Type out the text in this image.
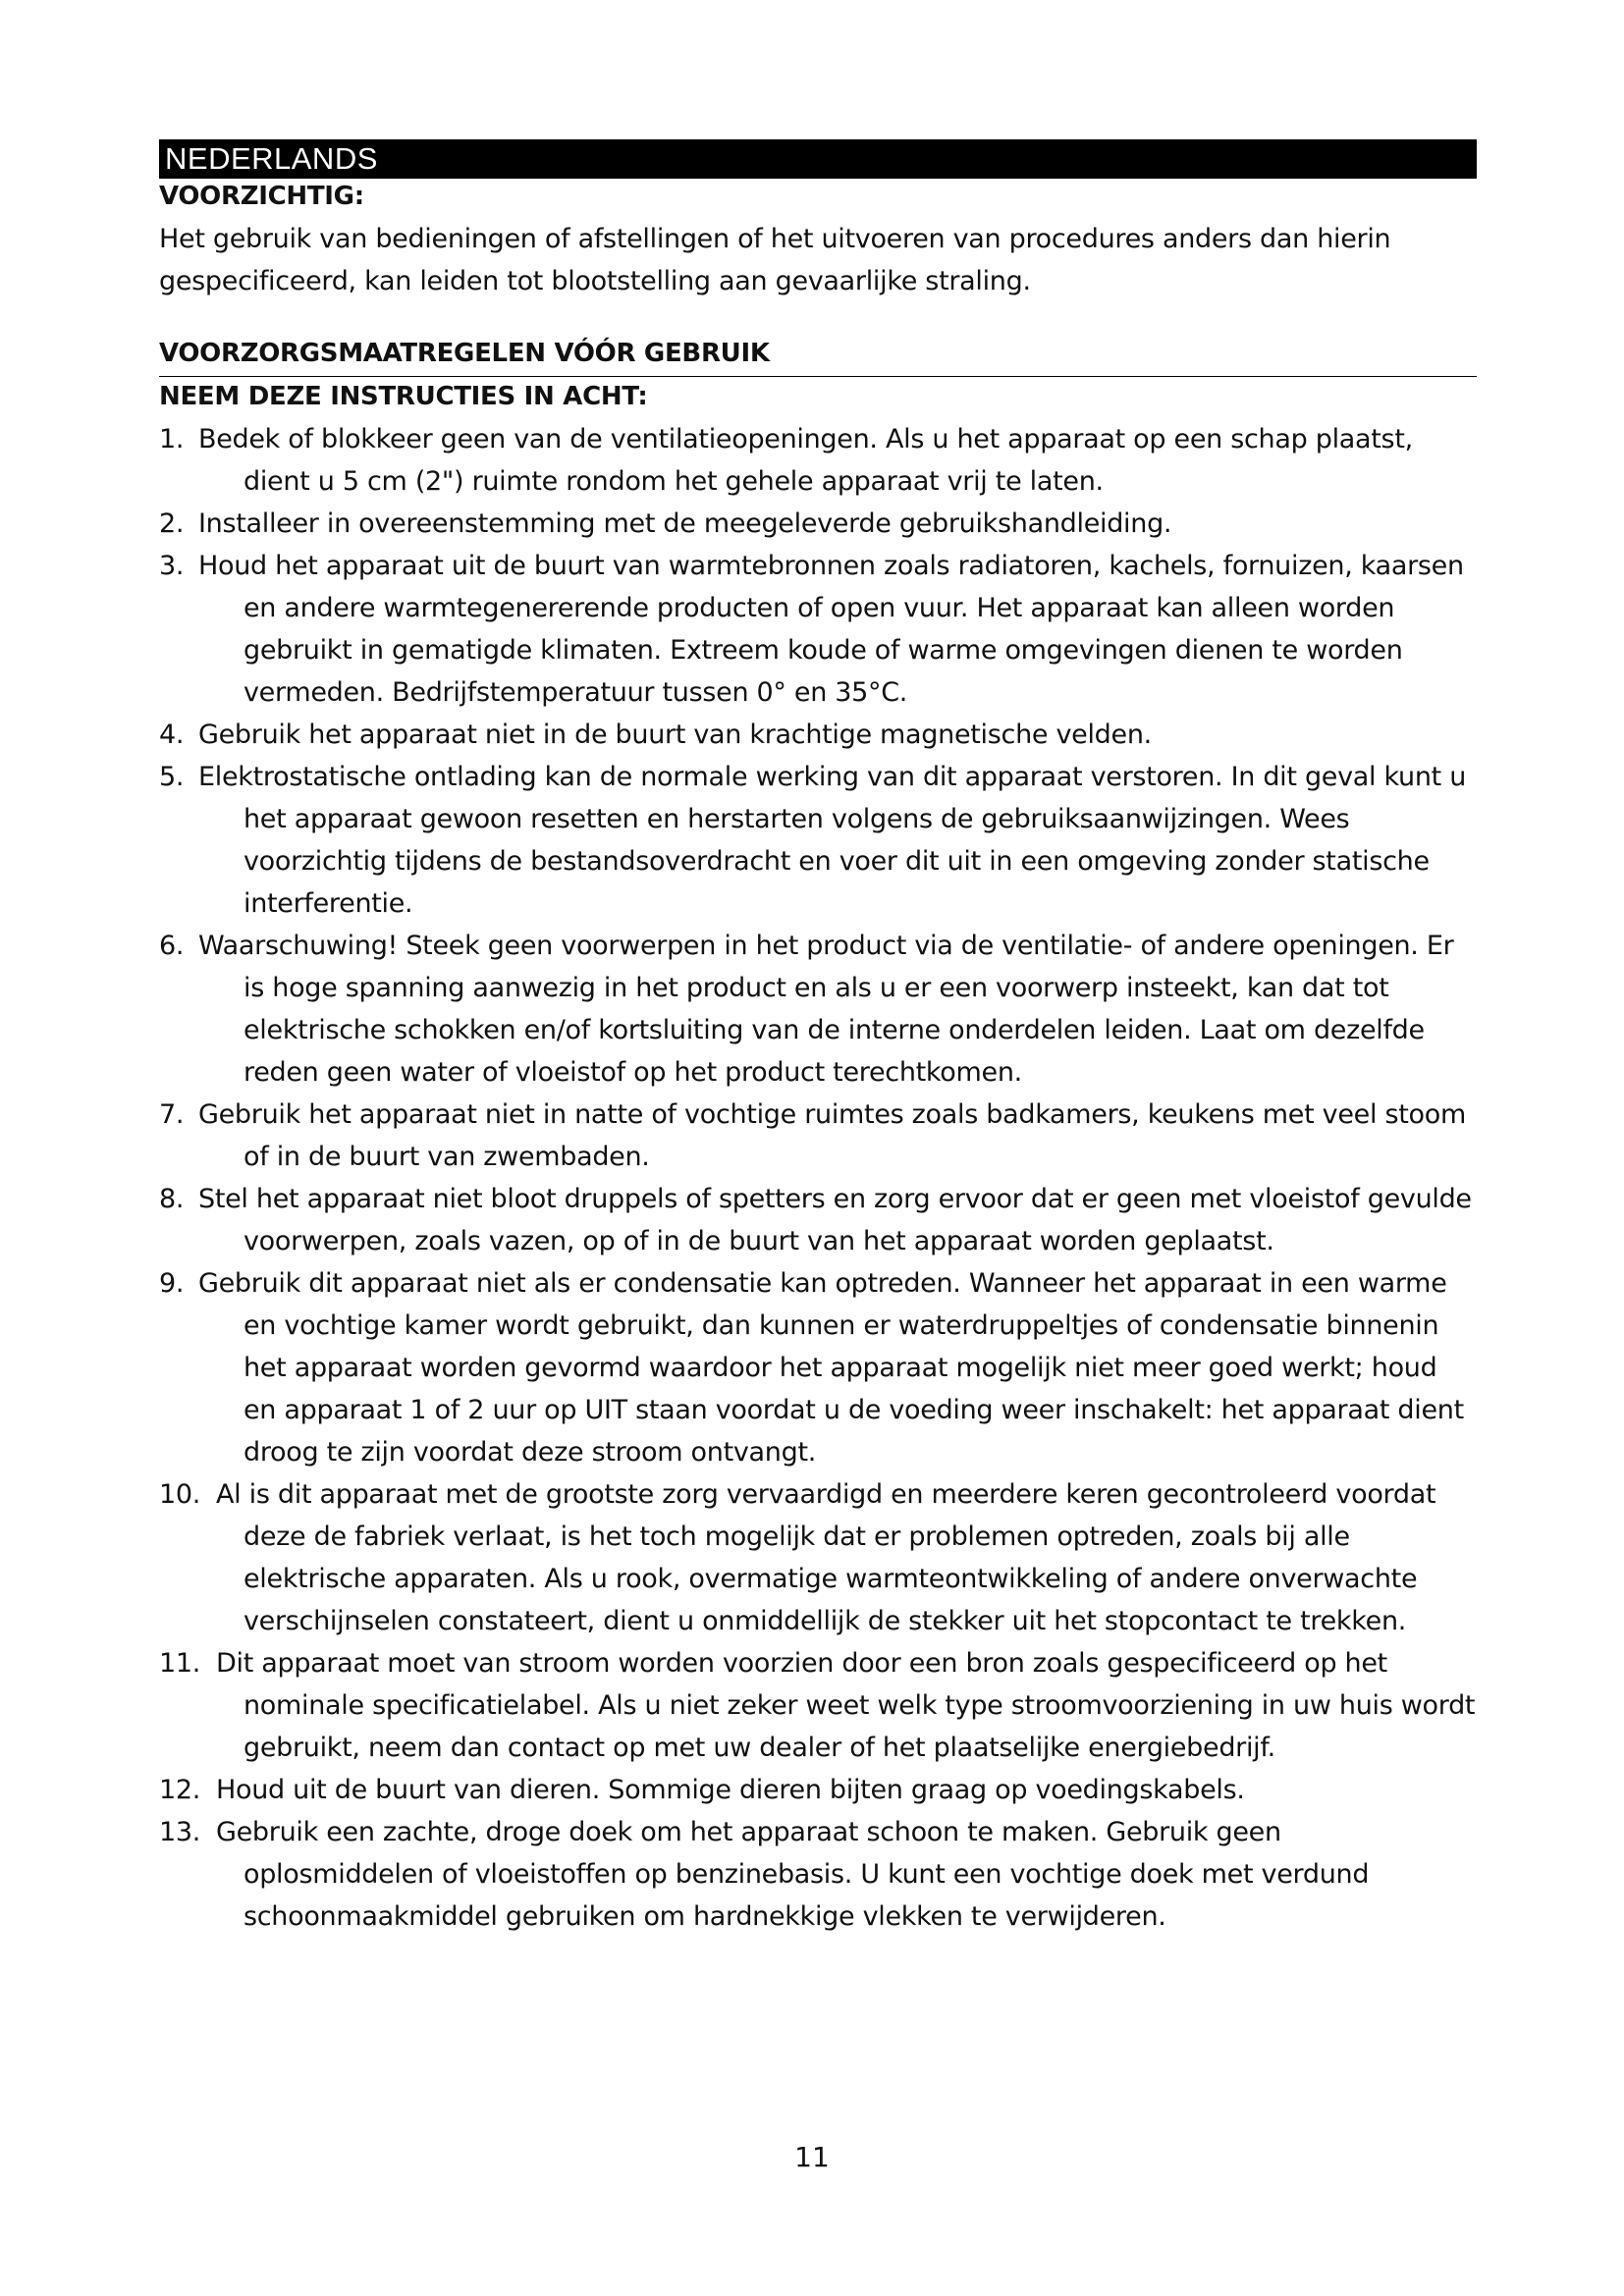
NEDERLANDS
VOORZICHTIG:
Het gebruik van bedieningen of afstellingen of het uitvoeren van procedures anders dan hierin gespecificeerd, kan leiden tot blootstelling aan gevaarlijke straling.
VOORZORGSMAATREGELEN VÓÓR GEBRUIK
NEEM DEZE INSTRUCTIES IN ACHT:
1. Bedek of blokkeer geen van de ventilatieopeningen. Als u het apparaat op een schap plaatst, dient u 5 cm (2") ruimte rondom het gehele apparaat vrij te laten.
2. Installeer in overeenstemming met de meegeleverde gebruikshandleiding.
3. Houd het apparaat uit de buurt van warmtebronnen zoals radiatoren, kachels, fornuizen, kaarsen en andere warmtegenererende producten of open vuur. Het apparaat kan alleen worden gebruikt in gematigde klimaten. Extreem koude of warme omgevingen dienen te worden vermeden. Bedrijfstemperatuur tussen 0° en 35°C.
4. Gebruik het apparaat niet in de buurt van krachtige magnetische velden.
5. Elektrostatische ontlading kan de normale werking van dit apparaat verstoren. In dit geval kunt u het apparaat gewoon resetten en herstarten volgens de gebruiksaanwijzingen. Wees voorzichtig tijdens de bestandsoverdracht en voer dit uit in een omgeving zonder statische interferentie.
6. Waarschuwing! Steek geen voorwerpen in het product via de ventilatie- of andere openingen. Er is hoge spanning aanwezig in het product en als u er een voorwerp insteekt, kan dat tot elektrische schokken en/of kortsluiting van de interne onderdelen leiden. Laat om dezelfde reden geen water of vloeistof op het product terechtkomen.
7. Gebruik het apparaat niet in natte of vochtige ruimtes zoals badkamers, keukens met veel stoom of in de buurt van zwembaden.
8. Stel het apparaat niet bloot druppels of spetters en zorg ervoor dat er geen met vloeistof gevulde voorwerpen, zoals vazen, op of in de buurt van het apparaat worden geplaatst.
9. Gebruik dit apparaat niet als er condensatie kan optreden. Wanneer het apparaat in een warme en vochtige kamer wordt gebruikt, dan kunnen er waterdruppeltjes of condensatie binnenin het apparaat worden gevormd waardoor het apparaat mogelijk niet meer goed werkt; houd en apparaat 1 of 2 uur op UIT staan voordat u de voeding weer inschakelt: het apparaat dient droog te zijn voordat deze stroom ontvangt.
10. Al is dit apparaat met de grootste zorg vervaardigd en meerdere keren gecontroleerd voordat deze de fabriek verlaat, is het toch mogelijk dat er problemen optreden, zoals bij alle elektrische apparaten. Als u rook, overmatige warmteontwikkeling of andere onverwachte verschijnselen constateert, dient u onmiddellijk de stekker uit het stopcontact te trekken.
11. Dit apparaat moet van stroom worden voorzien door een bron zoals gespecificeerd op het nominale specificatielabel. Als u niet zeker weet welk type stroomvoorziening in uw huis wordt gebruikt, neem dan contact op met uw dealer of het plaatselijke energiebedrijf.
12. Houd uit de buurt van dieren. Sommige dieren bijten graag op voedingskabels.
13. Gebruik een zachte, droge doek om het apparaat schoon te maken. Gebruik geen oplosmiddelen of vloeistoffen op benzinebasis. U kunt een vochtige doek met verdund schoonmaakmiddel gebruiken om hardnekkige vlekken te verwijderen.
11
